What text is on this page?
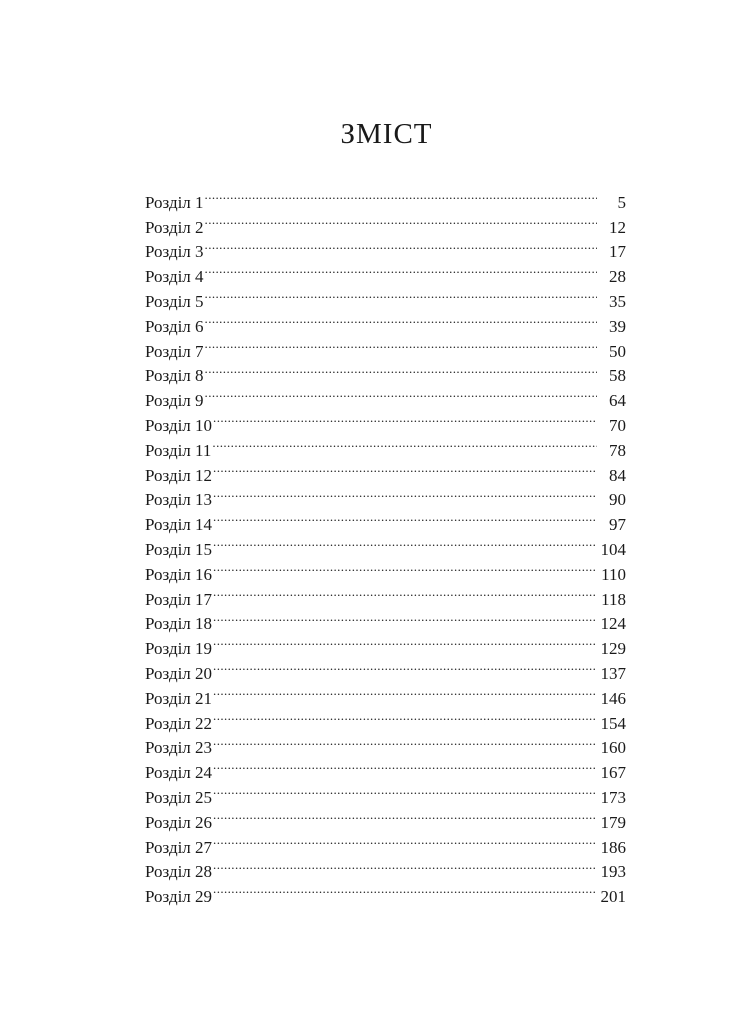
ЗМІСТ
Розділ 1 .....	5
Розділ 2 .....	12
Розділ 3 .....	17
Розділ 4 .....	28
Розділ 5 .....	35
Розділ 6 .....	39
Розділ 7 .....	50
Розділ 8 .....	58
Розділ 9 .....	64
Розділ 10 .....	70
Розділ 11 .....	78
Розділ 12 .....	84
Розділ 13 .....	90
Розділ 14 .....	97
Розділ 15 .....	104
Розділ 16 .....	110
Розділ 17 .....	118
Розділ 18 .....	124
Розділ 19 .....	129
Розділ 20 .....	137
Розділ 21 .....	146
Розділ 22 .....	154
Розділ 23 .....	160
Розділ 24 .....	167
Розділ 25 .....	173
Розділ 26 .....	179
Розділ 27 .....	186
Розділ 28 .....	193
Розділ 29 .....	201
